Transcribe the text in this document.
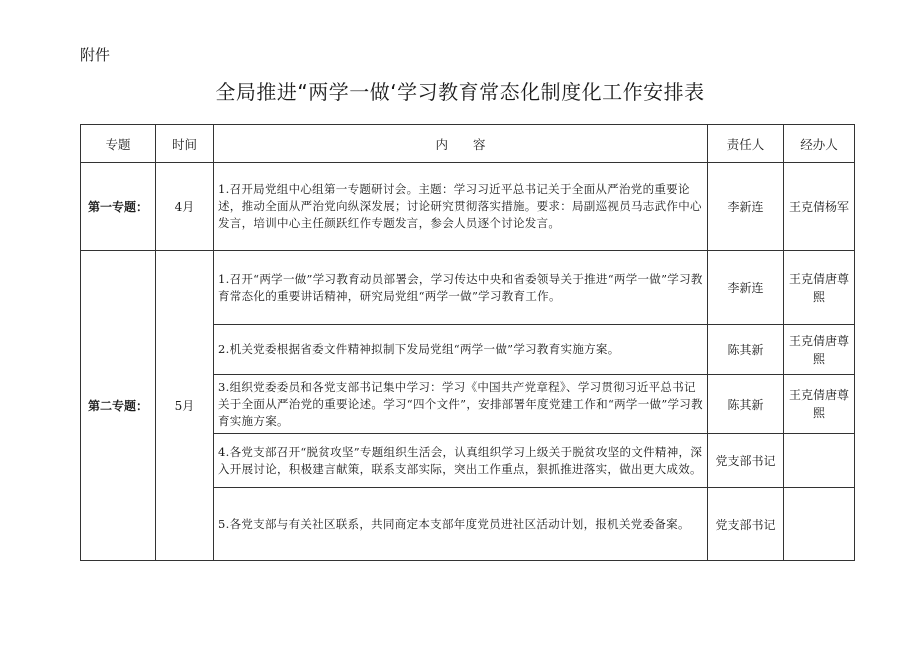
附件
全局推进“两学一做‘学习教育常态化制度化工作安排表
专题	时间	内　　容	责任人	经办人
第一专题：	4月	1.召开局党组中心组第一专题研讨会。主题：学习习近平总书记关于全面从严治党的重要论述，推动全面从严治党向纵深发展；讨论研究贯彻落实措施。要求：局副巡视员马志武作中心发言，培训中心主任颜跃红作专题发言，参会人员逐个讨论发言。	李新连	王克倩杨军
第二专题：	5月	1.召开“两学一做”学习教育动员部署会，学习传达中央和省委领导关于推进“两学一做”学习教育常态化的重要讲话精神，研究局党组“两学一做”学习教育工作。	李新连	王克倩唐尊熙
		2.机关党委根据省委文件精神拟制下发局党组“两学一做”学习教育实施方案。	陈其新	王克倩唐尊熙
		3.组织党委委员和各党支部书记集中学习：学习《中国共产党章程》、学习贯彻习近平总书记关于全面从严治党的重要论述。学习“四个文件”，安排部署年度党建工作和“两学一做”学习教育实施方案。	陈其新	王克倩唐尊熙
		4.各党支部召开“脱贫攻坚”专题组织生活会，认真组织学习上级关于脱贫攻坚的文件精神，深入开展讨论，积极建言献策，联系支部实际，突出工作重点，狠抓推进落实，做出更大成效。	党支部书记	
		5.各党支部与有关社区联系，共同商定本支部年度党员进社区活动计划，报机关党委备案。	党支部书记	
